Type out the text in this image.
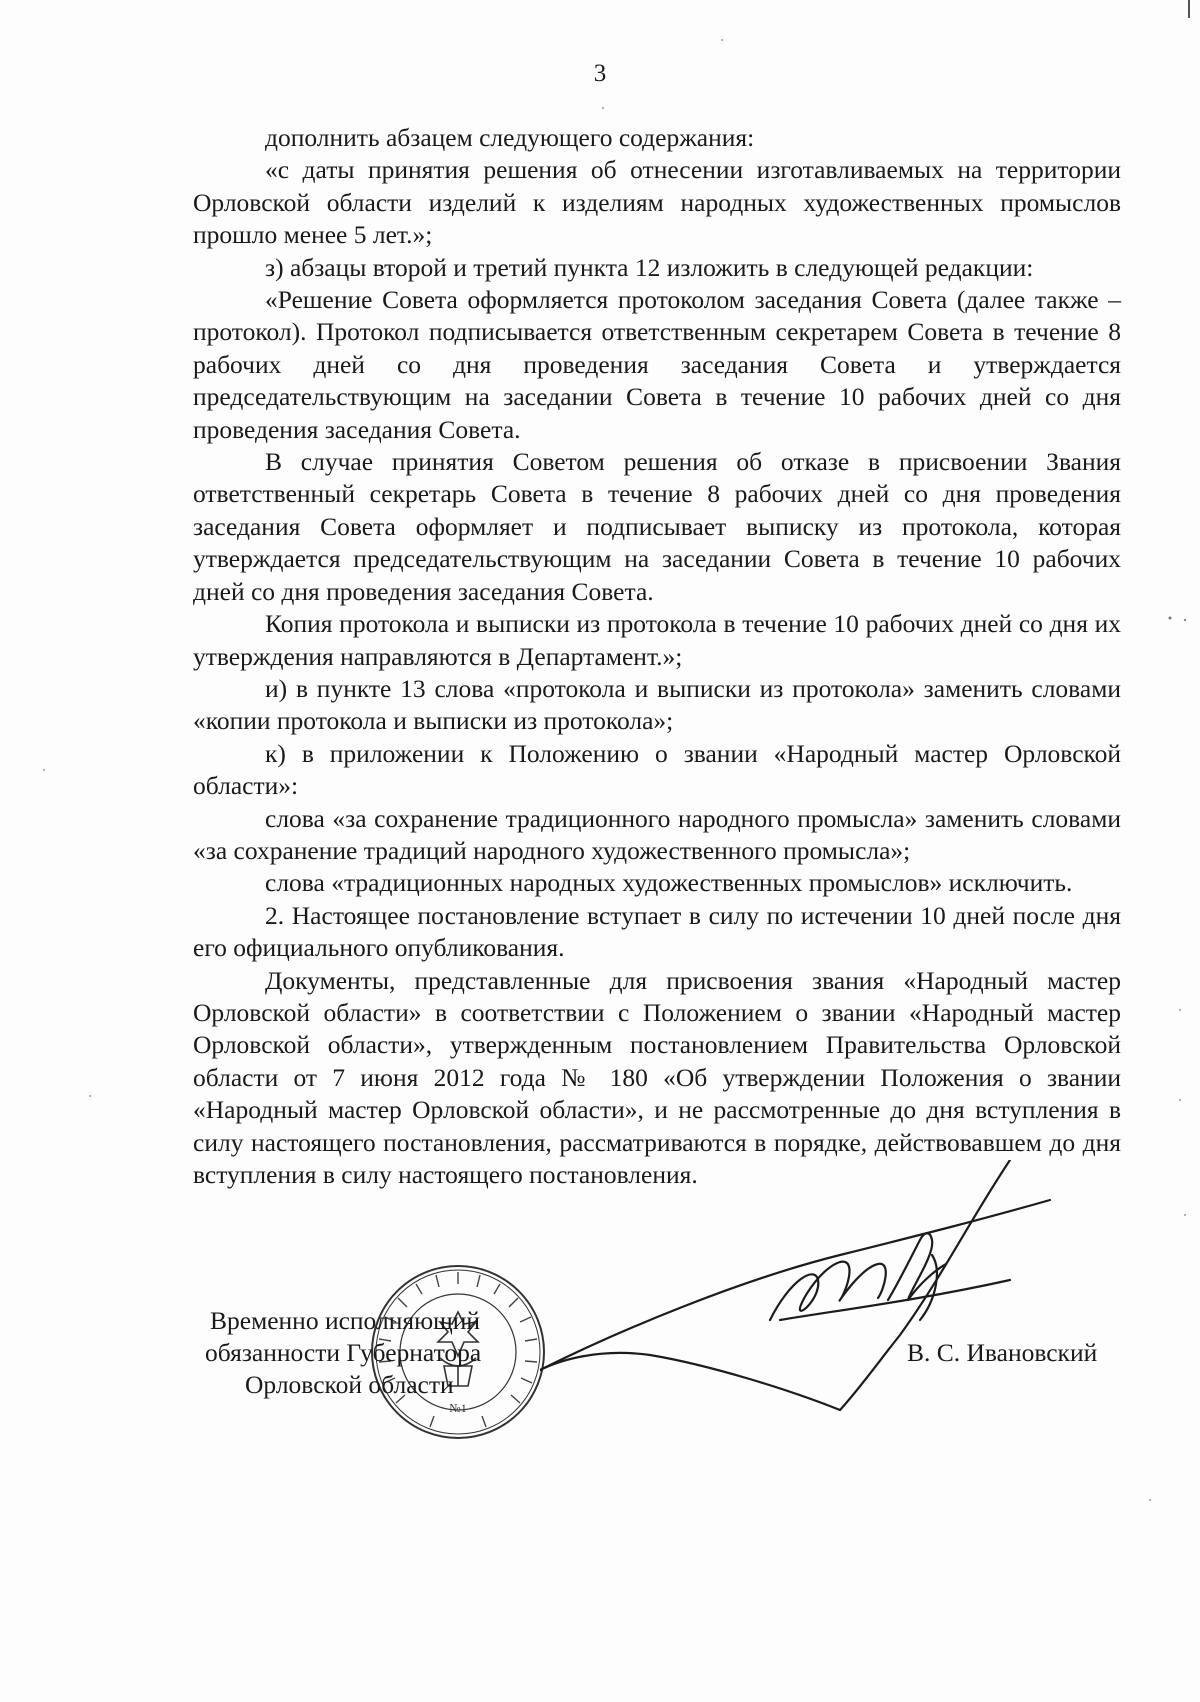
3

дополнить абзацем следующего содержания:

«с даты принятия решения об отнесении изготавливаемых на территории Орловской области изделий к изделиям народных художественных промыслов прошло менее 5 лет.»;

з) абзацы второй и третий пункта 12 изложить в следующей редакции:

«Решение Совета оформляется протоколом заседания Совета (далее также – протокол). Протокол подписывается ответственным секретарем Совета в течение 8 рабочих дней со дня проведения заседания Совета и утверждается председательствующим на заседании Совета в течение 10 рабочих дней со дня проведения заседания Совета.

В случае принятия Советом решения об отказе в присвоении Звания ответственный секретарь Совета в течение 8 рабочих дней со дня проведения заседания Совета оформляет и подписывает выписку из протокола, которая утверждается председательствующим на заседании Совета в течение 10 рабочих дней со дня проведения заседания Совета.

Копия протокола и выписки из протокола в течение 10 рабочих дней со дня их утверждения направляются в Департамент.»;

и) в пункте 13 слова «протокола и выписки из протокола» заменить словами «копии протокола и выписки из протокола»;

к) в приложении к Положению о звании «Народный мастер Орловской области»:

слова «за сохранение традиционного народного промысла» заменить словами «за сохранение традиций народного художественного промысла»;

слова «традиционных народных художественных промыслов» исключить.

2. Настоящее постановление вступает в силу по истечении 10 дней после дня его официального опубликования.

Документы, представленные для присвоения звания «Народный мастер Орловской области» в соответствии с Положением о звании «Народный мастер Орловской области», утвержденным постановлением Правительства Орловской области от 7 июня 2012 года № 180 «Об утверждении Положения о звании «Народный мастер Орловской области», и не рассмотренные до дня вступления в силу настоящего постановления, рассматриваются в порядке, действовавшем до дня вступления в силу настоящего постановления.

№1
Временно исполняющий
обязанности Губернатора
Орловской области
В. С. Ивановский
